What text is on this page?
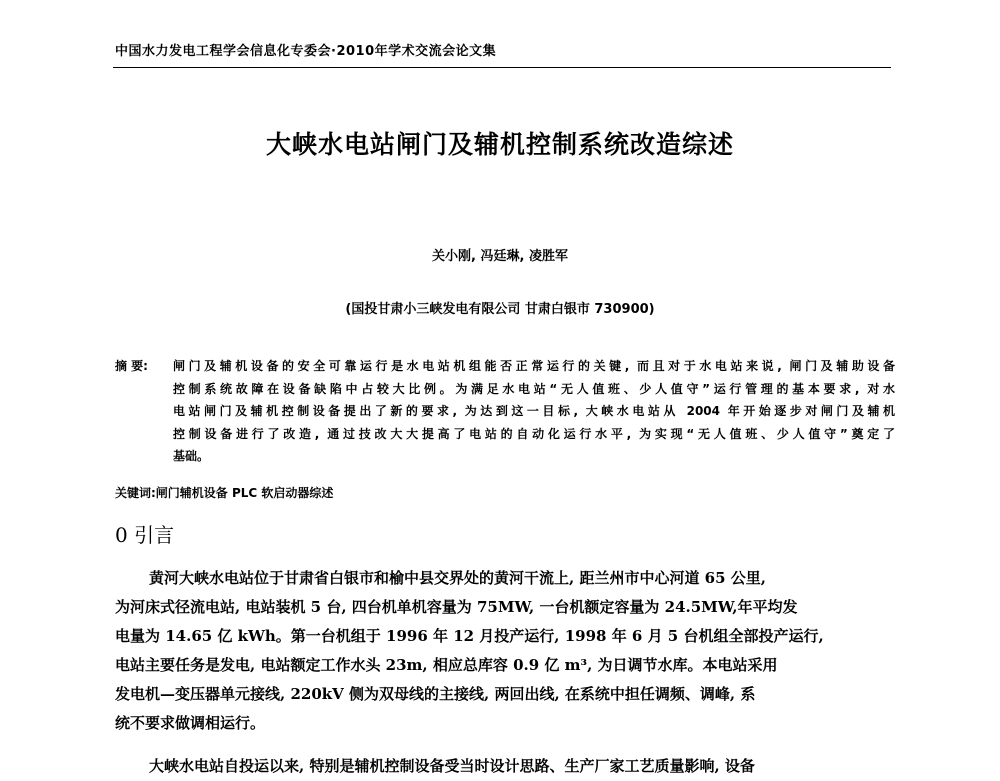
中国水力发电工程学会信息化专委会·2010年学术交流会论文集
大峡水电站闸门及辅机控制系统改造综述
关小刚, 冯廷琳, 凌胜军
(国投甘肃小三峡发电有限公司 甘肃白银市 730900)
摘 要: 闸门及辅机设备的安全可靠运行是水电站机组能否正常运行的关键, 而且对于水电站来说, 闸门及辅助设备
控制系统故障在设备缺陷中占较大比例。为满足水电站“无人值班、少人值守”运行管理的基本要求, 对水
电站闸门及辅机控制设备提出了新的要求, 为达到这一目标, 大峡水电站从 2004 年开始逐步对闸门及辅机
控制设备进行了改造, 通过技改大大提高了电站的自动化运行水平, 为实现“无人值班、少人值守”奠定了
基础。
关键词:闸门辅机设备 PLC 软启动器综述
0 引言
黄河大峡水电站位于甘肃省白银市和榆中县交界处的黄河干流上, 距兰州市中心河道 65 公里,
为河床式径流电站, 电站装机 5 台, 四台机单机容量为 75MW, 一台机额定容量为 24.5MW,年平均发
电量为 14.65 亿 kWh。第一台机组于 1996 年 12 月投产运行, 1998 年 6 月 5 台机组全部投产运行,
电站主要任务是发电, 电站额定工作水头 23m, 相应总库容 0.9 亿 m³, 为日调节水库。本电站采用
发电机—变压器单元接线, 220kV 侧为双母线的主接线, 两回出线, 在系统中担任调频、调峰, 系
统不要求做调相运行。
大峡水电站自投运以来, 特别是辅机控制设备受当时设计思路、生产厂家工艺质量影响, 设备
